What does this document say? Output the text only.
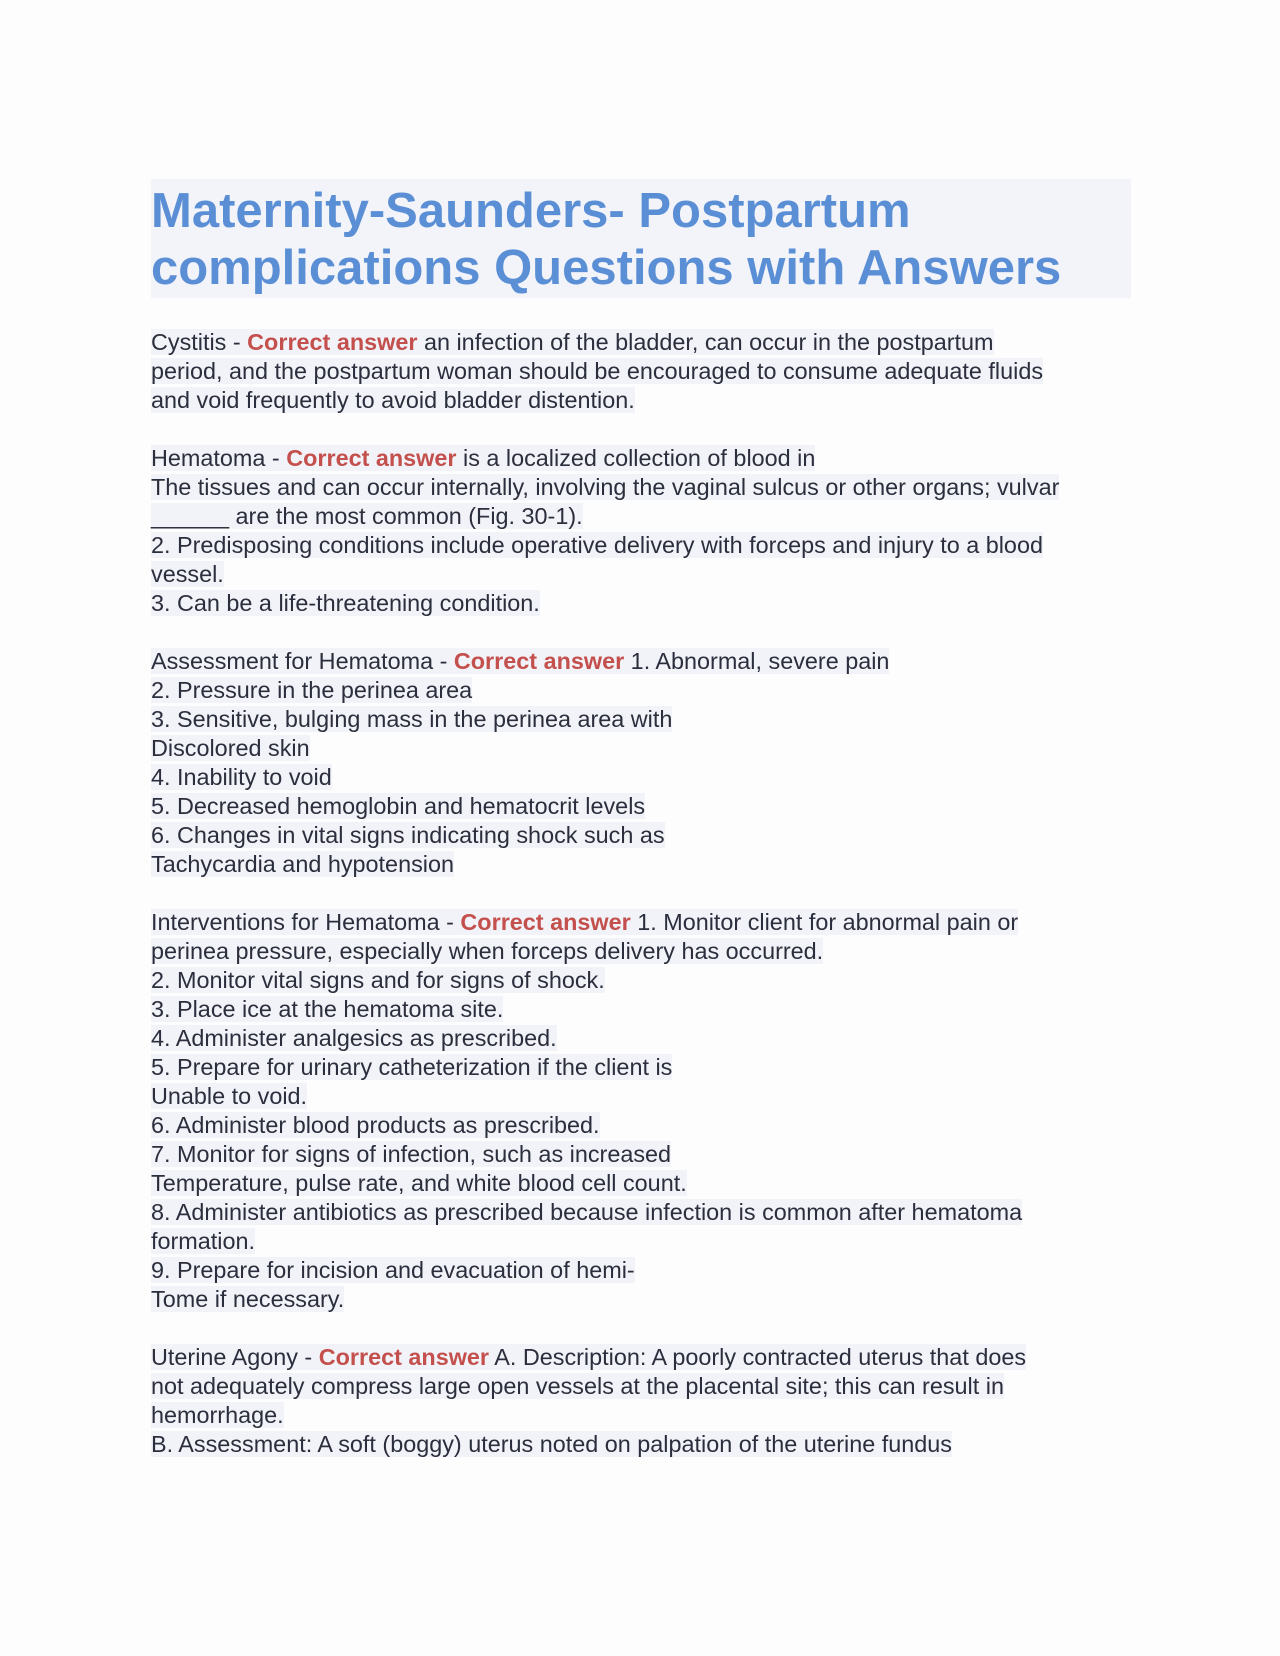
Maternity-Saunders- Postpartum
complications Questions with Answers
Cystitis - Correct answer an infection of the bladder, can occur in the postpartum
period, and the postpartum woman should be encouraged to consume adequate fluids
and void frequently to avoid bladder distention.
Hematoma - Correct answer is a localized collection of blood in
The tissues and can occur internally, involving the vaginal sulcus or other organs; vulvar
______ are the most common (Fig. 30-1).
2. Predisposing conditions include operative delivery with forceps and injury to a blood
vessel.
3. Can be a life-threatening condition.
Assessment for Hematoma - Correct answer 1. Abnormal, severe pain
2. Pressure in the perinea area
3. Sensitive, bulging mass in the perinea area with
Discolored skin
4. Inability to void
5. Decreased hemoglobin and hematocrit levels
6. Changes in vital signs indicating shock such as
Tachycardia and hypotension
Interventions for Hematoma - Correct answer 1. Monitor client for abnormal pain or
perinea pressure, especially when forceps delivery has occurred.
2. Monitor vital signs and for signs of shock.
3. Place ice at the hematoma site.
4. Administer analgesics as prescribed.
5. Prepare for urinary catheterization if the client is
Unable to void.
6. Administer blood products as prescribed.
7. Monitor for signs of infection, such as increased
Temperature, pulse rate, and white blood cell count.
8. Administer antibiotics as prescribed because infection is common after hematoma
formation.
9. Prepare for incision and evacuation of hemi-
Tome if necessary.
Uterine Agony - Correct answer A. Description: A poorly contracted uterus that does
not adequately compress large open vessels at the placental site; this can result in
hemorrhage.
B. Assessment: A soft (boggy) uterus noted on palpation of the uterine fundus
